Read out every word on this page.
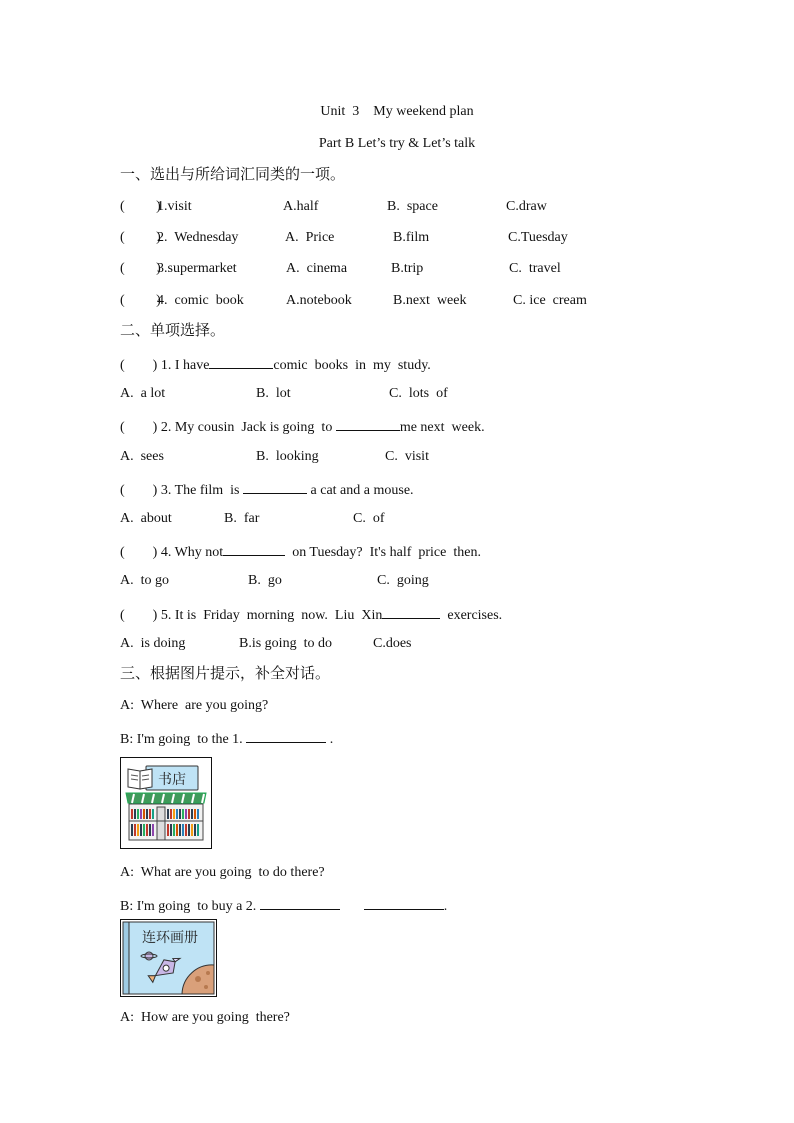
Unit  3    My weekend plan
Part B Let’s try & Let’s talk
一、选出与所给词汇同类的一项。
(         )
1.visit	A.half	B.  space	C.draw
(         )
2.  Wednesday	A.  Price	B.film	C.Tuesday
(         )
3.supermarket	A.  cinema	B.trip	C.  travel
(         )
4.  comic  book	A.notebook	B.next  week	C. ice  cream
二、单项选择。
(        ) 1. I have	comic  books  in  my  study.
A.  a lot	B.  lot	C.  lots  of
(        ) 2. My cousin  Jack is going  to	me next  week.
A.  sees	B.  looking	C.  visit
(        ) 3. The film  is	a cat and a mouse.
A.  about	B.  far	C.  of
(        ) 4. Why not	on Tuesday?  It's half  price  then.
A.  to go	B.  go	C.  going
(        ) 5. It is  Friday  morning  now.  Liu  Xin	exercises.
A.  is doing	B.is going  to do	C.does
三、根据图片提示，补全对话。
A:  Where  are you going?
B: I'm going  to the 1.	.
书店
A:  What are you going  to do there?
B: I'm going  to buy a 2.	.
连环画册
A:  How are you going  there?
